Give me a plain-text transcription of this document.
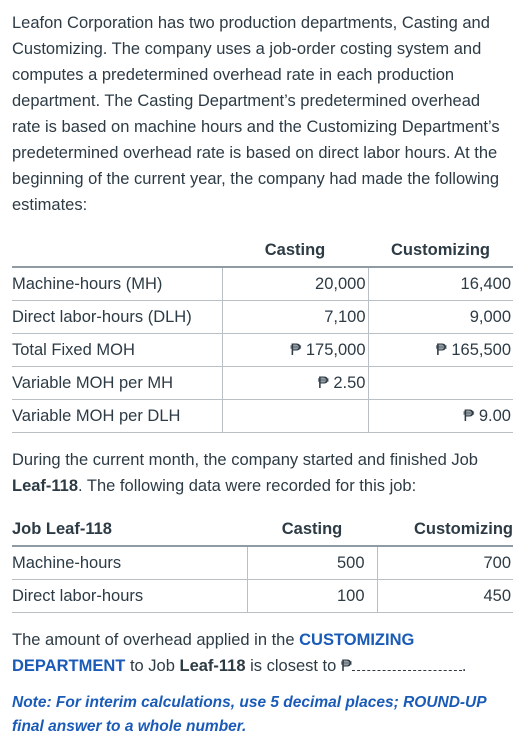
Leafon Corporation has two production departments, Casting and Customizing. The company uses a job-order costing system and computes a predetermined overhead rate in each production department. The Casting Department’s predetermined overhead rate is based on machine hours and the Customizing Department’s predetermined overhead rate is based on direct labor hours. At the beginning of the current year, the company had made the following estimates:

	Casting	Customizing
Machine-hours (MH)	20,000	16,400
Direct labor-hours (DLH)	7,100	9,000
Total Fixed MOH	₱ 175,000	₱ 165,500
Variable MOH per MH	₱ 2.50	
Variable MOH per DLH		₱ 9.00

During the current month, the company started and finished Job Leaf-118. The following data were recorded for this job:

Job Leaf-118	Casting	Customizing
Machine-hours	500	700
Direct labor-hours	100	450

The amount of overhead applied in the CUSTOMIZING DEPARTMENT to Job Leaf-118 is closest to ₱	.

Note: For interim calculations, use 5 decimal places; ROUND-UP final answer to a whole number.
